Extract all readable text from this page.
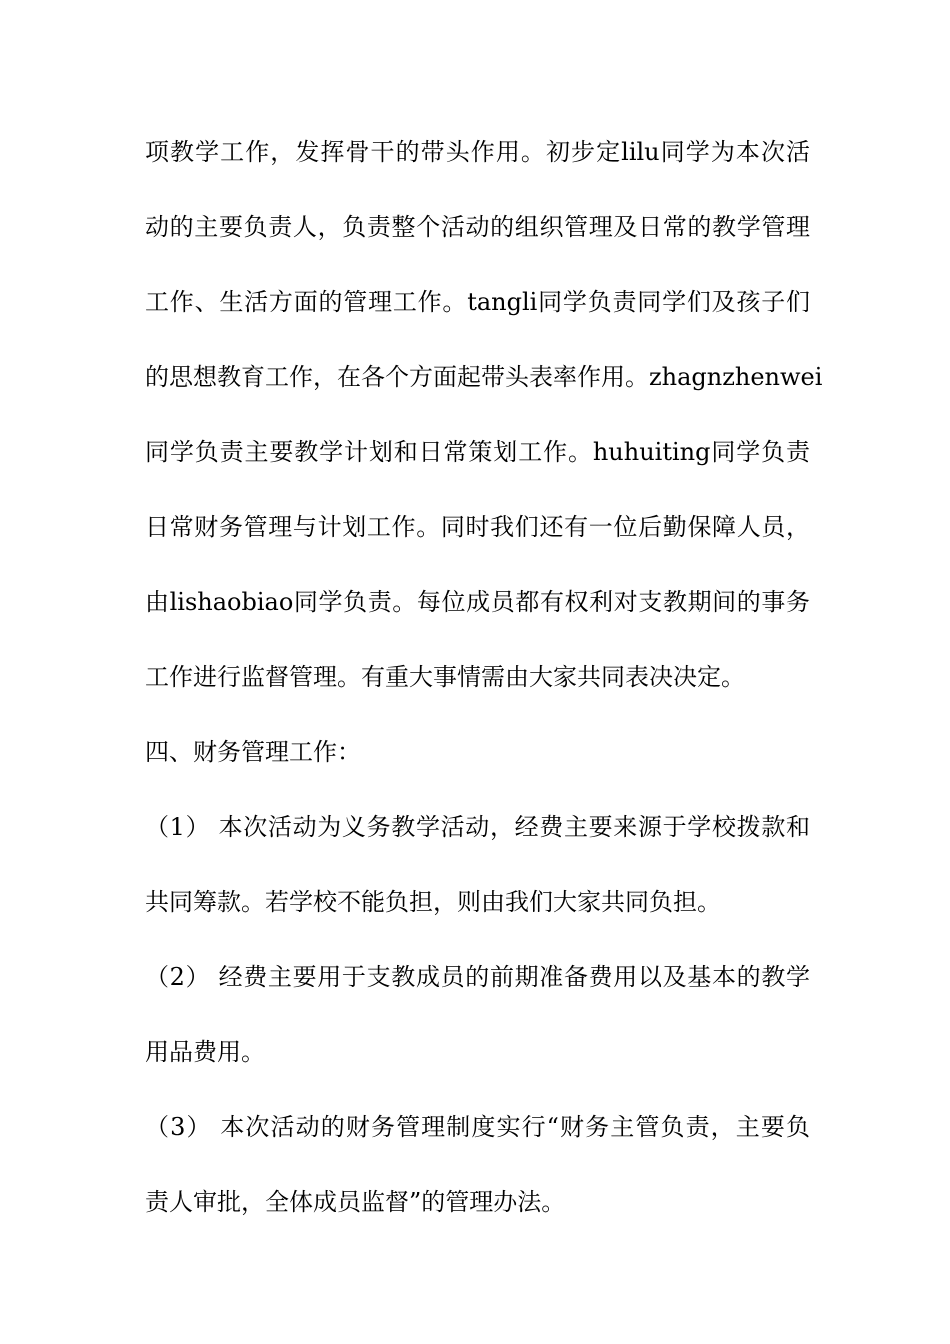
项教学工作，发挥骨干的带头作用。初步定lilu同学为本次活
动的主要负责人，负责整个活动的组织管理及日常的教学管理
工作、生活方面的管理工作。tangli同学负责同学们及孩子们
的思想教育工作，在各个方面起带头表率作用。zhagnzhenwei
同学负责主要教学计划和日常策划工作。huhuiting同学负责
日常财务管理与计划工作。同时我们还有一位后勤保障人员，
由lishaobiao同学负责。每位成员都有权利对支教期间的事务
工作进行监督管理。有重大事情需由大家共同表决决定。
四、财务管理工作：
（1） 本次活动为义务教学活动，经费主要来源于学校拨款和
共同筹款。若学校不能负担，则由我们大家共同负担。
（2） 经费主要用于支教成员的前期准备费用以及基本的教学
用品费用。
（3） 本次活动的财务管理制度实行“财务主管负责，主要负
责人审批，全体成员监督”的管理办法。
